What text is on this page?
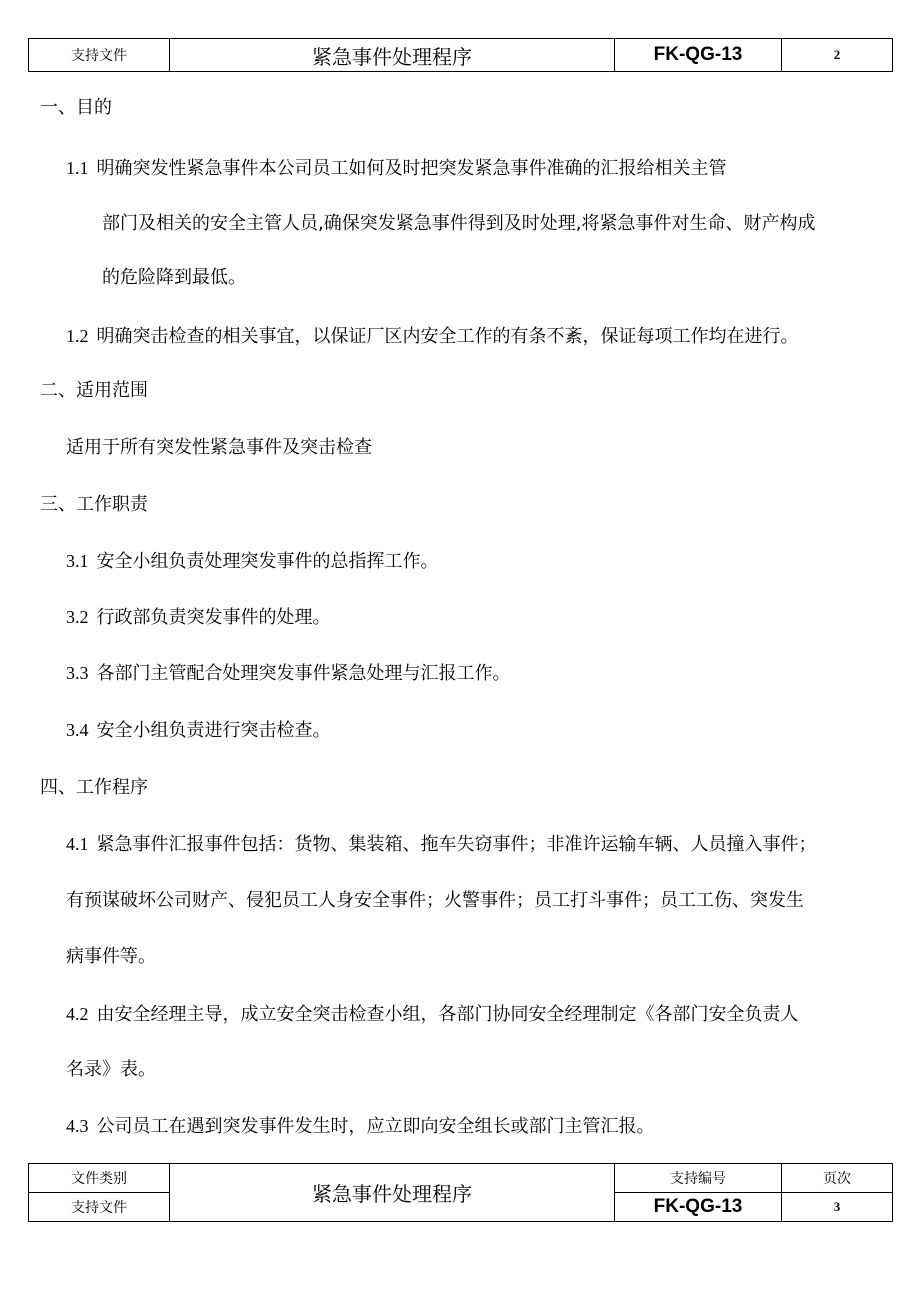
支持文件	紧急事件处理程序	FK-QG-13	2
一、目的
1.1 明确突发性紧急事件本公司员工如何及时把突发紧急事件准确的汇报给相关主管
部门及相关的安全主管人员,确保突发紧急事件得到及时处理,将紧急事件对生命、财产构成
的危险降到最低。
1.2 明确突击检查的相关事宜，以保证厂区内安全工作的有条不紊，保证每项工作均在进行。
二、适用范围
适用于所有突发性紧急事件及突击检查
三、工作职责
3.1 安全小组负责处理突发事件的总指挥工作。
3.2 行政部负责突发事件的处理。
3.3 各部门主管配合处理突发事件紧急处理与汇报工作。
3.4 安全小组负责进行突击检查。
四、工作程序
4.1 紧急事件汇报事件包括：货物、集装箱、拖车失窃事件；非准许运输车辆、人员撞入事件；
有预谋破坏公司财产、侵犯员工人身安全事件；火警事件；员工打斗事件；员工工伤、突发生
病事件等。
4.2 由安全经理主导，成立安全突击检查小组，各部门协同安全经理制定《各部门安全负责人
名录》表。
4.3 公司员工在遇到突发事件发生时，应立即向安全组长或部门主管汇报。
文件类别	紧急事件处理程序	支持编号	页次
支持文件		FK-QG-13	3
